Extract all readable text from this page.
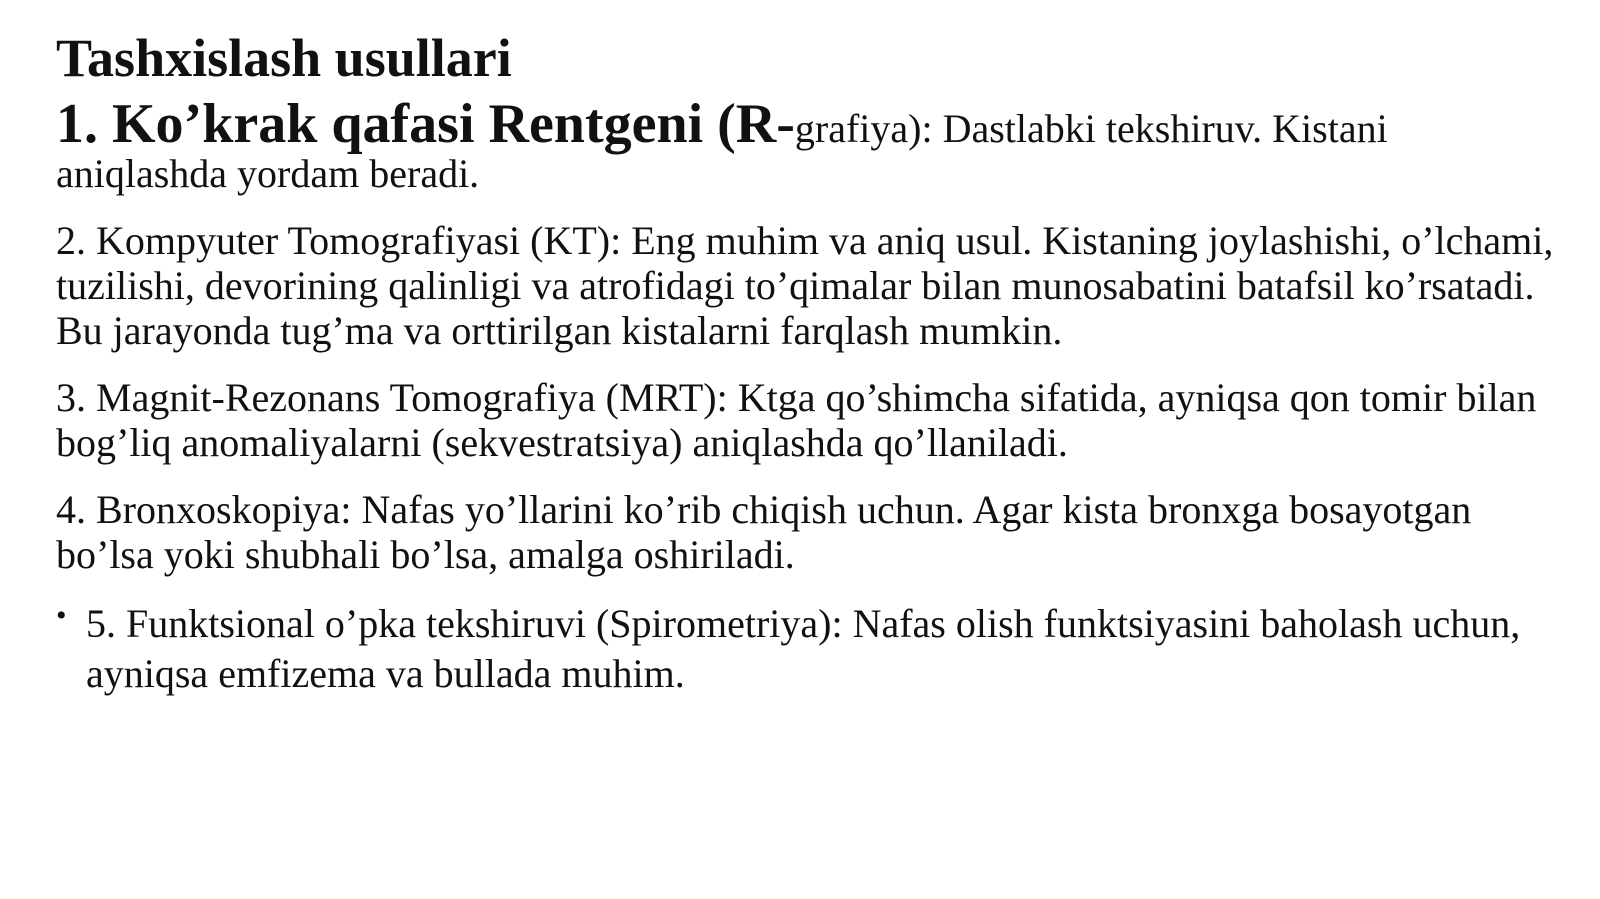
Tashxislash usullari
1. Ko’krak qafasi Rentgeni (R-grafiya): Dastlabki tekshiruv. Kistani aniqlashda yordam beradi.
2. Kompyuter Tomografiyasi (KT): Eng muhim va aniq usul. Kistaning joylashishi, o’lchami, tuzilishi, devorining qalinligi va atrofidagi to’qimalar bilan munosabatini batafsil ko’rsatadi. Bu jarayonda tug’ma va orttirilgan kistalarni farqlash mumkin.
3. Magnit-Rezonans Tomografiya (MRT): Ktga qo’shimcha sifatida, ayniqsa qon tomir bilan bog’liq anomaliyalarni (sekvestratsiya) aniqlashda qo’llaniladi.
4. Bronxoskopiya: Nafas yo’llarini ko’rib chiqish uchun. Agar kista bronxga bosayotgan bo’lsa yoki shubhali bo’lsa, amalga oshiriladi.
• 5. Funktsional o’pka tekshiruvi (Spirometriya): Nafas olish funktsiyasini baholash uchun, ayniqsa emfizema va bullada muhim.
